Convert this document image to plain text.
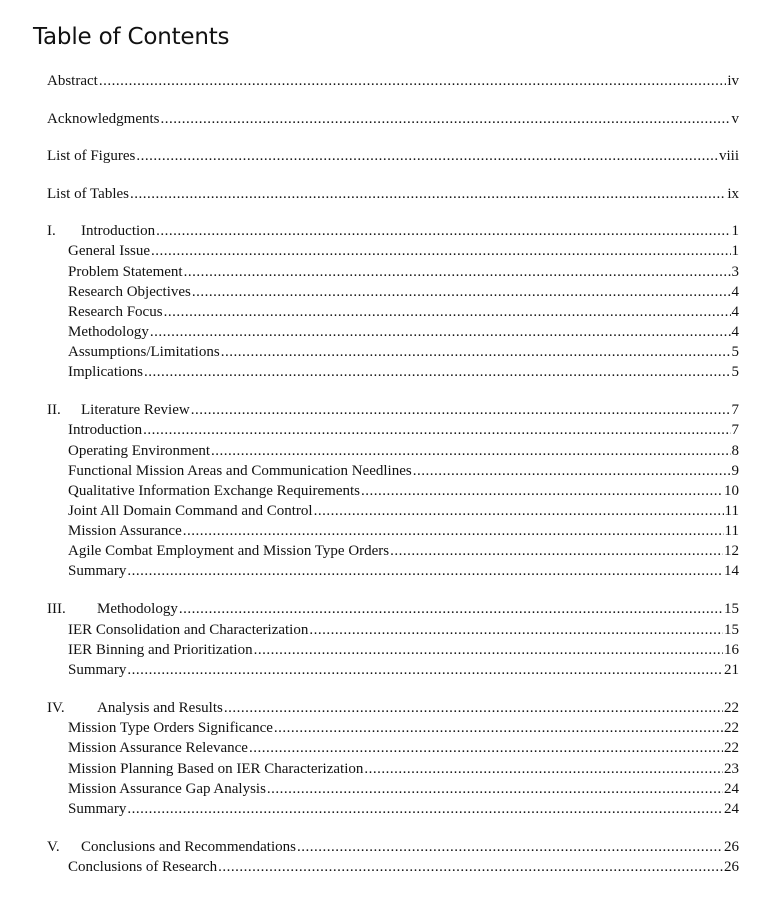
Table of Contents
Abstract .....	iv
Acknowledgments .....	v
List of Figures .....	viii
List of Tables .....	ix
I.	Introduction .....	1
General Issue .....	1
Problem Statement .....	3
Research Objectives .....	4
Research Focus .....	4
Methodology .....	4
Assumptions/Limitations .....	5
Implications .....	5
II.	Literature Review .....	7
Introduction .....	7
Operating Environment .....	8
Functional Mission Areas and Communication Needlines .....	9
Qualitative Information Exchange Requirements .....	10
Joint All Domain Command and Control .....	11
Mission Assurance .....	11
Agile Combat Employment and Mission Type Orders .....	12
Summary .....	14
III.	Methodology .....	15
IER Consolidation and Characterization .....	15
IER Binning and Prioritization .....	16
Summary .....	21
IV.	Analysis and Results .....	22
Mission Type Orders Significance .....	22
Mission Assurance Relevance .....	22
Mission Planning Based on IER Characterization .....	23
Mission Assurance Gap Analysis .....	24
Summary .....	24
V.	Conclusions and Recommendations .....	26
Conclusions of Research .....	26
